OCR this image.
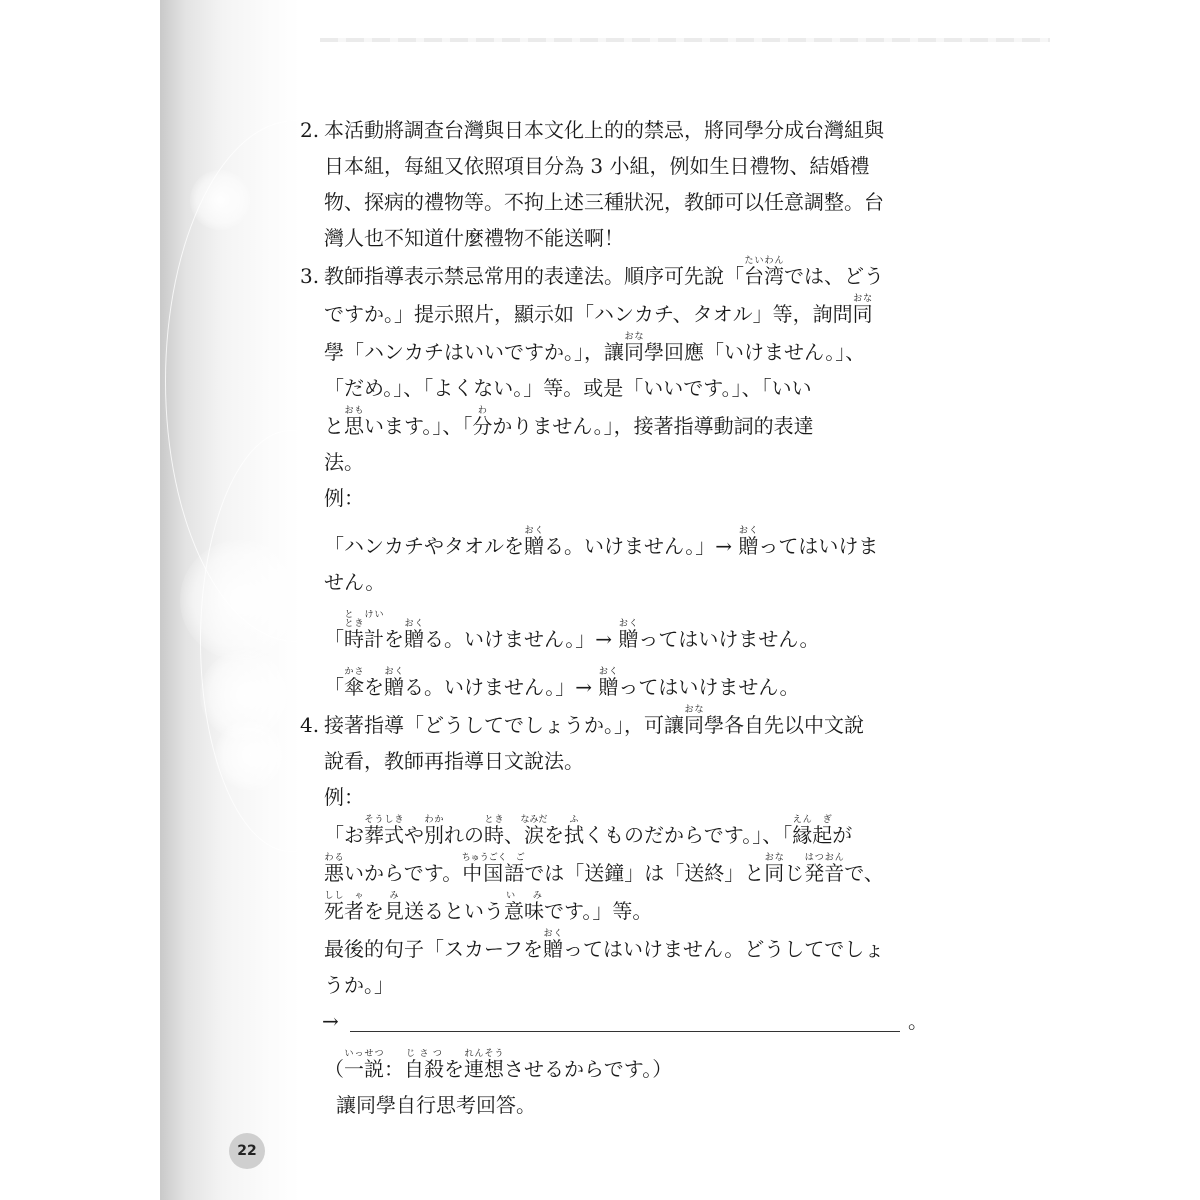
2. 本活動將調查台灣與日本文化上的的禁忌，將同學分成台灣組與
日本組，每組又依照項目分為 3 小組，例如生日禮物、結婚禮
物、探病的禮物等。不拘上述三種狀況，教師可以任意調整。台
灣人也不知道什麼禮物不能送啊！
3. 教師指導表示禁忌常用的表達法。順序可先說「台湾たいわんでは、どう
ですか。」提示照片，顯示如「ハンカチ、タオル」等，詢問同おな
學「ハンカチはいいですか。」，讓同おな學回應「いけません。」、
「だめ。」、「よくない。」等。或是「いいです。」、「いい
と思おもいます。」、「分わかりません。」，接著指導動詞的表達
法。
例：
「ハンカチやタオルを贈おくる。いけません。」→ 贈おくってはいけま
せん。
「時とき計と　けいを贈おくる。いけません。」→ 贈おくってはいけません。
「傘かさを贈おくる。いけません。」→ 贈おくってはいけません。
4. 接著指導「どうしてでしょうか。」，可讓同おな學各自先以中文說
說看，教師再指導日文說法。
例：
「お葬式そうしきや別わかれの時とき、涙なみだを拭ふくものだからです。」、「縁起えん　ぎが
悪わるいからです。中国語ちゅうごく　ごでは「送鐘」は「送終」と同おなじ発音はつおんで、
死者しし　ゃを見み送るという意味い　みです。」等。
最後的句子「スカーフを贈おくってはいけません。どうしてでしょ
うか。」
→	。
（一説いっせつ：自殺じさつを連想れんそうさせるからです。）
讓同學自行思考回答。
22
